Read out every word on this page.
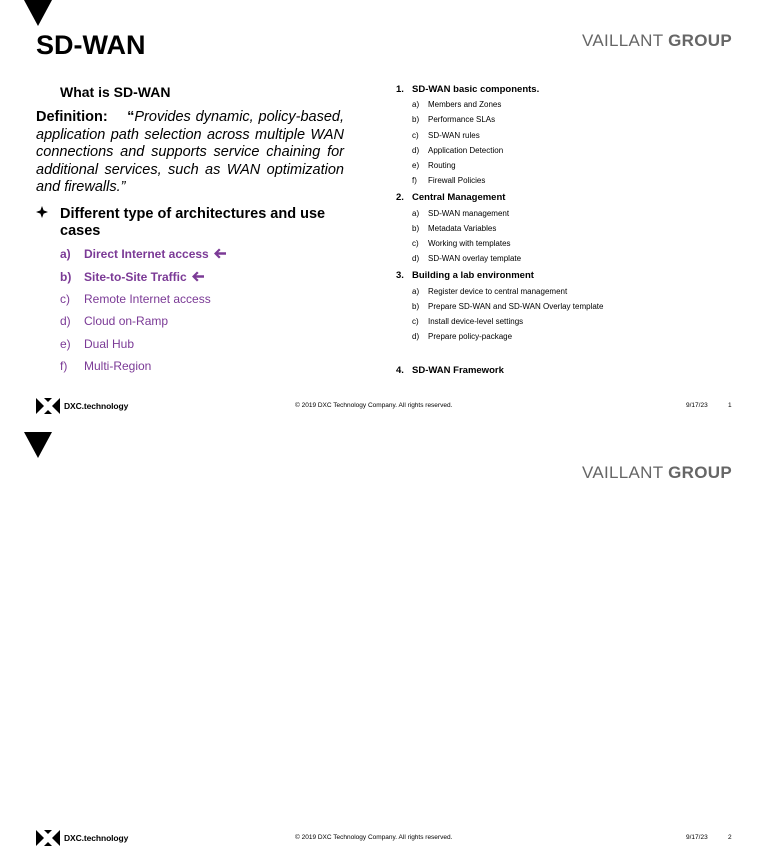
VAILLANT GROUP
SD-WAN
What is SD-WAN
Definition: “Provides dynamic, policy-based, application path selection across multiple WAN connections and supports service chaining for additional services, such as WAN optimization and firewalls.”
Different type of architectures and use cases
a) Direct Internet access
b) Site-to-Site Traffic
c) Remote Internet access
d) Cloud on-Ramp
e) Dual Hub
f) Multi-Region
1. SD-WAN basic components.
a) Members and Zones
b) Performance SLAs
c) SD-WAN rules
d) Application Detection
e) Routing
f) Firewall Policies
2. Central Management
a) SD-WAN management
b) Metadata Variables
c) Working with templates
d) SD-WAN overlay template
3. Building a lab environment
a) Register device to central management
b) Prepare SD-WAN and SD-WAN Overlay template
c) Install device-level settings
d) Prepare policy-package
4. SD-WAN Framework
DXC.technology	© 2019 DXC Technology Company. All rights reserved.	9/17/23	1
VAILLANT GROUP
DXC.technology	© 2019 DXC Technology Company. All rights reserved.	9/17/23	2
